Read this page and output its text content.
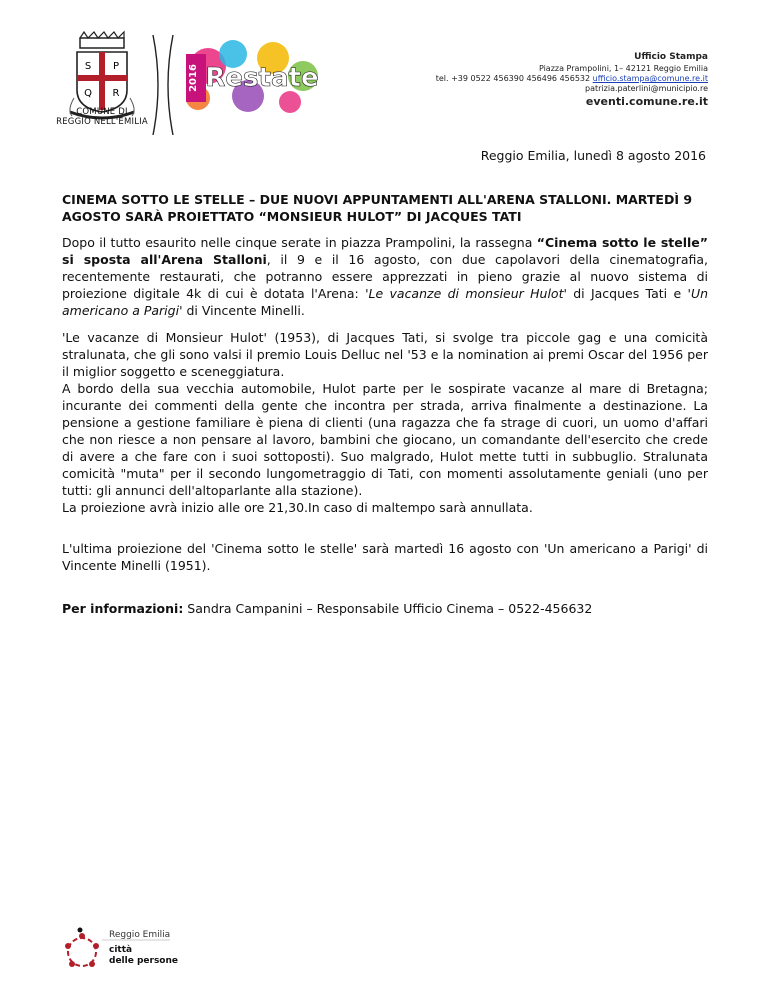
S P
Q R
COMUNE DI
REGGIO NELL'EMILIA
2016 Restate
Ufficio Stampa
Piazza Prampolini, 1– 42121 Reggio Emilia
tel. +39 0522 456390 456496 456532 ufficio.stampa@comune.re.it
patrizia.paterlini@municipio.re
eventi.comune.re.it
Reggio Emilia, lunedì 8 agosto 2016
CINEMA SOTTO LE STELLE – DUE NUOVI APPUNTAMENTI ALL'ARENA STALLONI. MARTEDÌ 9 AGOSTO SARÀ PROIETTATO “MONSIEUR HULOT” DI JACQUES TATI

Dopo il tutto esaurito nelle cinque serate in piazza Prampolini, la rassegna “Cinema sotto le stelle” si sposta all'Arena Stalloni, il 9 e il 16 agosto, con due capolavori della cinematografia, recentemente restaurati, che potranno essere apprezzati in pieno grazie al nuovo sistema di proiezione digitale 4k di cui è dotata l'Arena: 'Le vacanze di monsieur Hulot' di Jacques Tati e 'Un americano a Parigi' di Vincente Minelli.

'Le vacanze di Monsieur Hulot' (1953), di Jacques Tati, si svolge tra piccole gag e una comicità stralunata, che gli sono valsi il premio Louis Delluc nel '53 e la nomination ai premi Oscar del 1956 per il miglior soggetto e sceneggiatura.

A bordo della sua vecchia automobile, Hulot parte per le sospirate vacanze al mare di Bretagna; incurante dei commenti della gente che incontra per strada, arriva finalmente a destinazione. La pensione a gestione familiare è piena di clienti (una ragazza che fa strage di cuori, un uomo d'affari che non riesce a non pensare al lavoro, bambini che giocano, un comandante dell'esercito che crede di avere a che fare con i suoi sottoposti). Suo malgrado, Hulot mette tutti in subbuglio. Stralunata comicità "muta" per il secondo lungometraggio di Tati, con momenti assolutamente geniali (uno per tutti: gli annunci dell'altoparlante alla stazione).

La proiezione avrà inizio alle ore 21,30.In caso di maltempo sarà annullata.

L'ultima proiezione del 'Cinema sotto le stelle' sarà martedì 16 agosto con 'Un americano a Parigi' di Vincente Minelli (1951).

Per informazioni: Sandra Campanini – Responsabile Ufficio Cinema – 0522-456632

Reggio Emilia
città
delle persone
